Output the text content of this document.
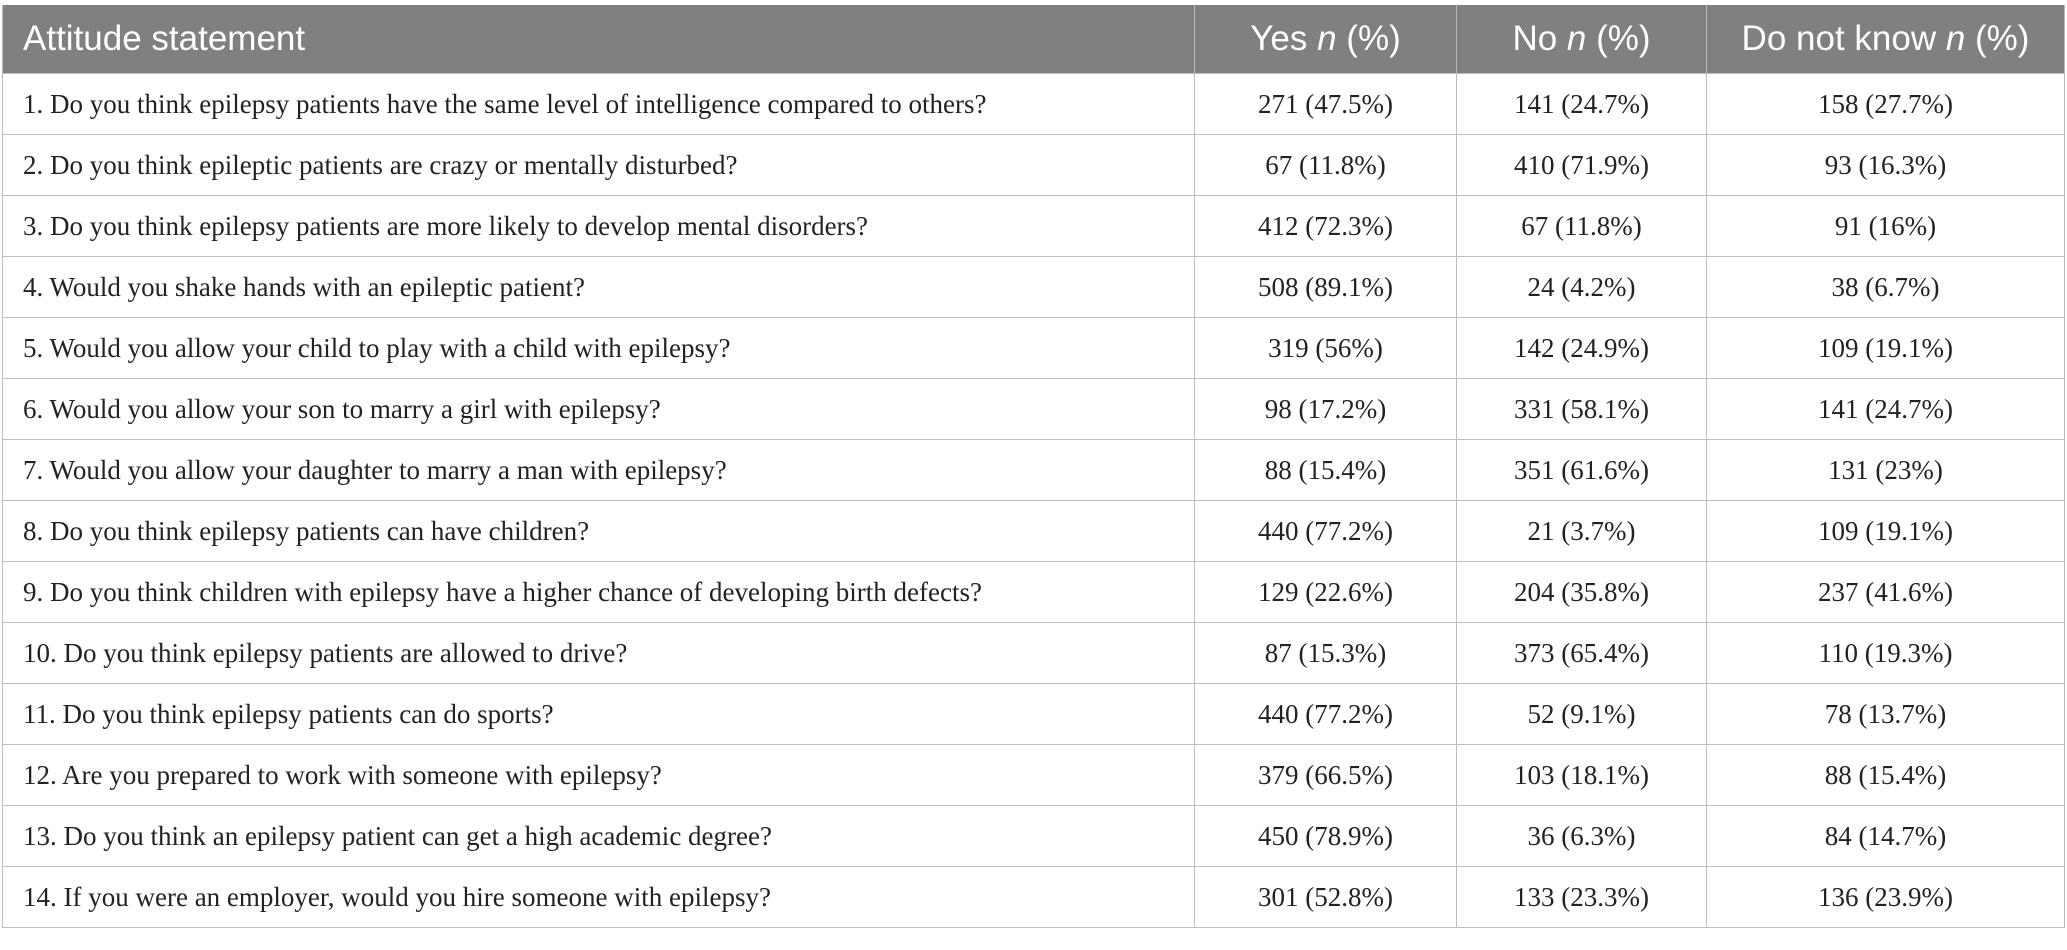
Attitude statement	Yes n (%)	No n (%)	Do not know n (%)
1. Do you think epilepsy patients have the same level of intelligence compared to others?	271 (47.5%)	141 (24.7%)	158 (27.7%)
2. Do you think epileptic patients are crazy or mentally disturbed?	67 (11.8%)	410 (71.9%)	93 (16.3%)
3. Do you think epilepsy patients are more likely to develop mental disorders?	412 (72.3%)	67 (11.8%)	91 (16%)
4. Would you shake hands with an epileptic patient?	508 (89.1%)	24 (4.2%)	38 (6.7%)
5. Would you allow your child to play with a child with epilepsy?	319 (56%)	142 (24.9%)	109 (19.1%)
6. Would you allow your son to marry a girl with epilepsy?	98 (17.2%)	331 (58.1%)	141 (24.7%)
7. Would you allow your daughter to marry a man with epilepsy?	88 (15.4%)	351 (61.6%)	131 (23%)
8. Do you think epilepsy patients can have children?	440 (77.2%)	21 (3.7%)	109 (19.1%)
9. Do you think children with epilepsy have a higher chance of developing birth defects?	129 (22.6%)	204 (35.8%)	237 (41.6%)
10. Do you think epilepsy patients are allowed to drive?	87 (15.3%)	373 (65.4%)	110 (19.3%)
11. Do you think epilepsy patients can do sports?	440 (77.2%)	52 (9.1%)	78 (13.7%)
12. Are you prepared to work with someone with epilepsy?	379 (66.5%)	103 (18.1%)	88 (15.4%)
13. Do you think an epilepsy patient can get a high academic degree?	450 (78.9%)	36 (6.3%)	84 (14.7%)
14. If you were an employer, would you hire someone with epilepsy?	301 (52.8%)	133 (23.3%)	136 (23.9%)
